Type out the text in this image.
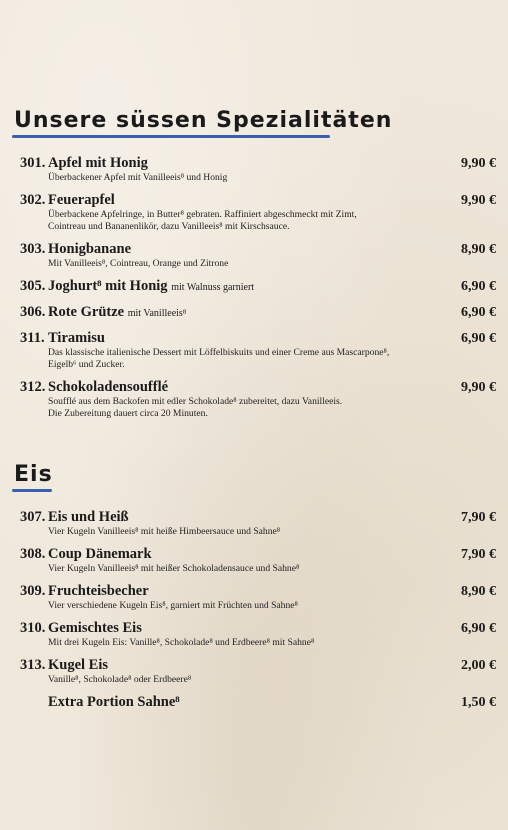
Unsere süssen Spezialitäten
301. Apfel mit Honig	9,90 €
Überbackener Apfel mit Vanilleeis⁸ und Honig
302. Feuerapfel	9,90 €
Überbackene Apfelringe, in Butter⁸ gebraten. Raffiniert abgeschmeckt mit Zimt,
Cointreau und Bananenlikör, dazu Vanilleeis⁸ mit Kirschsauce.
303. Honigbanane	8,90 €
Mit Vanilleeis⁸, Cointreau, Orange und Zitrone
305. Joghurt⁸ mit Honig mit Walnuss garniert	6,90 €
306. Rote Grütze mit Vanilleeis⁸	6,90 €
311. Tiramisu	6,90 €
Das klassische italienische Dessert mit Löffelbiskuits und einer Creme aus Mascarpone⁸,
Eigelb⁶ und Zucker.
312. Schokoladensoufflé	9,90 €
Soufflé aus dem Backofen mit edler Schokolade⁸ zubereitet, dazu Vanilleeis.
Die Zubereitung dauert circa 20 Minuten.
Eis
307. Eis und Heiß	7,90 €
Vier Kugeln Vanilleeis⁸ mit heiße Himbeersauce und Sahne⁸
308. Coup Dänemark	7,90 €
Vier Kugeln Vanilleeis⁸ mit heißer Schokoladensauce und Sahne⁸
309. Fruchteisbecher	8,90 €
Vier verschiedene Kugeln Eis⁸, garniert mit Früchten und Sahne⁸
310. Gemischtes Eis	6,90 €
Mit drei Kugeln Eis: Vanille⁸, Schokolade⁸ und Erdbeere⁸ mit Sahne⁸
313. Kugel Eis	2,00 €
Vanille⁸, Schokolade⁸ oder Erdbeere⁸
Extra Portion Sahne⁸	1,50 €
